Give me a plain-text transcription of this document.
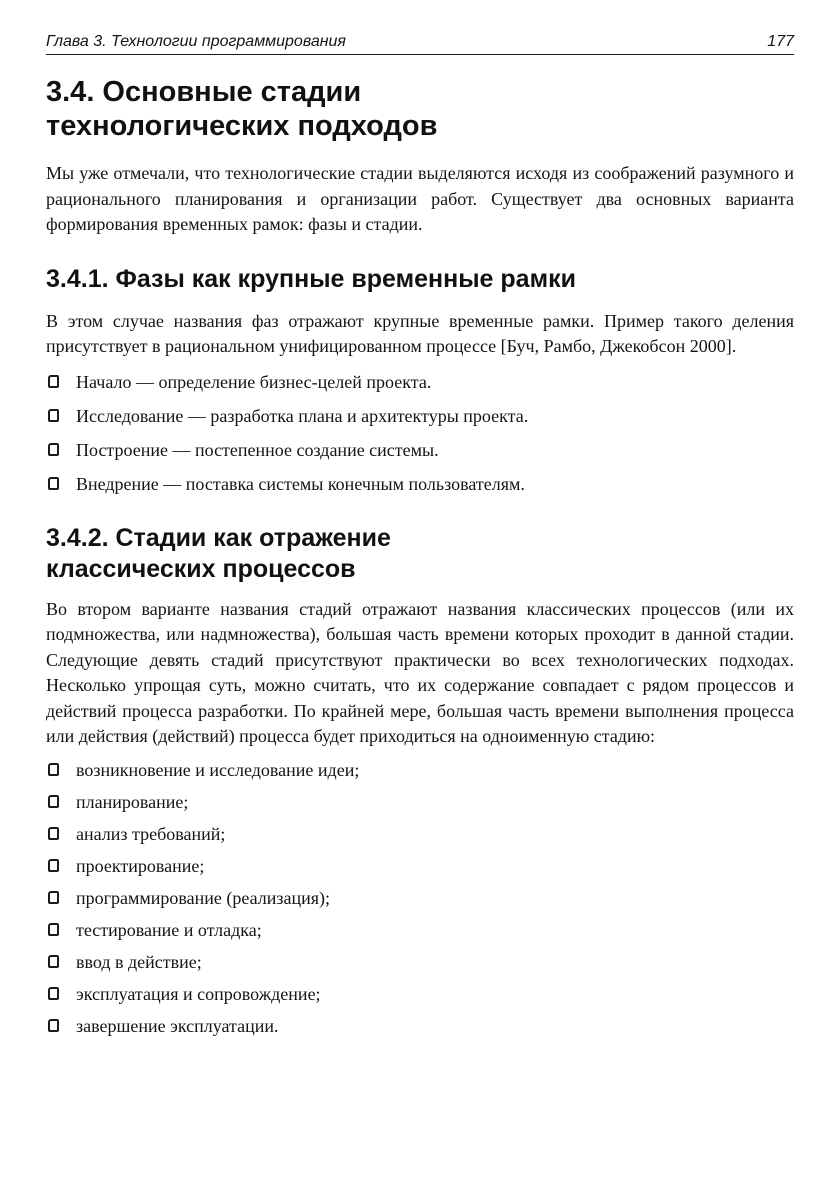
Глава 3. Технологии программирования	177
3.4. Основные стадии технологических подходов

Мы уже отмечали, что технологические стадии выделяются исходя из соображений разумного и рационального планирования и организации работ. Существует два основных варианта формирования временных рамок: фазы и стадии.

3.4.1. Фазы как крупные временные рамки

В этом случае названия фаз отражают крупные временные рамки. Пример такого деления присутствует в рациональном унифицированном процессе [Буч, Рамбо, Джекобсон 2000].

Начало — определение бизнес-целей проекта.
Исследование — разработка плана и архитектуры проекта.
Построение — постепенное создание системы.
Внедрение — поставка системы конечным пользователям.
3.4.2. Стадии как отражение классических процессов

Во втором варианте названия стадий отражают названия классических процессов (или их подмножества, или надмножества), большая часть времени которых проходит в данной стадии. Следующие девять стадий присутствуют практически во всех технологических подходах. Несколько упрощая суть, можно считать, что их содержание совпадает с рядом процессов и действий процесса разработки. По крайней мере, большая часть времени выполнения процесса или действия (действий) процесса будет приходиться на одноименную стадию:

возникновение и исследование идеи;
планирование;
анализ требований;
проектирование;
программирование (реализация);
тестирование и отладка;
ввод в действие;
эксплуатация и сопровождение;
завершение эксплуатации.
